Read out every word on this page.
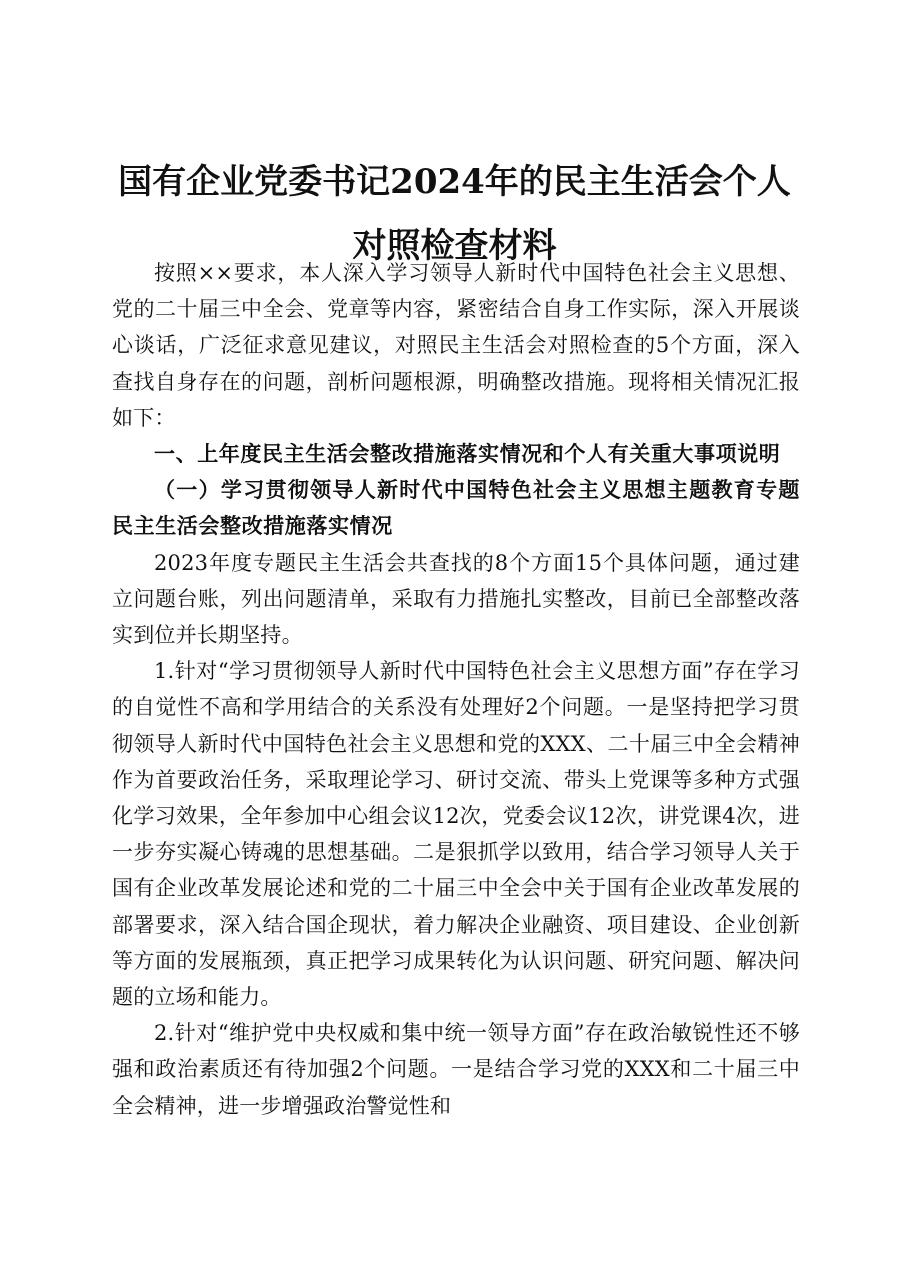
国有企业党委书记2024年的民主生活会个人
对照检查材料

按照××要求，本人深入学习领导人新时代中国特色社会主义思想、党的二十届三中全会、党章等内容，紧密结合自身工作实际，深入开展谈心谈话，广泛征求意见建议，对照民主生活会对照检查的5个方面，深入查找自身存在的问题，剖析问题根源，明确整改措施。现将相关情况汇报如下：

一、上年度民主生活会整改措施落实情况和个人有关重大事项说明

（一）学习贯彻领导人新时代中国特色社会主义思想主题教育专题民主生活会整改措施落实情况

2023年度专题民主生活会共查找的8个方面15个具体问题，通过建立问题台账，列出问题清单，采取有力措施扎实整改，目前已全部整改落实到位并长期坚持。

1.针对“学习贯彻领导人新时代中国特色社会主义思想方面”存在学习的自觉性不高和学用结合的关系没有处理好2个问题。一是坚持把学习贯彻领导人新时代中国特色社会主义思想和党的XXX、二十届三中全会精神作为首要政治任务，采取理论学习、研讨交流、带头上党课等多种方式强化学习效果，全年参加中心组会议12次，党委会议12次，讲党课4次，进一步夯实凝心铸魂的思想基础。二是狠抓学以致用，结合学习领导人关于国有企业改革发展论述和党的二十届三中全会中关于国有企业改革发展的部署要求，深入结合国企现状，着力解决企业融资、项目建设、企业创新等方面的发展瓶颈，真正把学习成果转化为认识问题、研究问题、解决问题的立场和能力。

2.针对“维护党中央权威和集中统一领导方面”存在政治敏锐性还不够强和政治素质还有待加强2个问题。一是结合学习党的XXX和二十届三中全会精神，进一步增强政治警觉性和
